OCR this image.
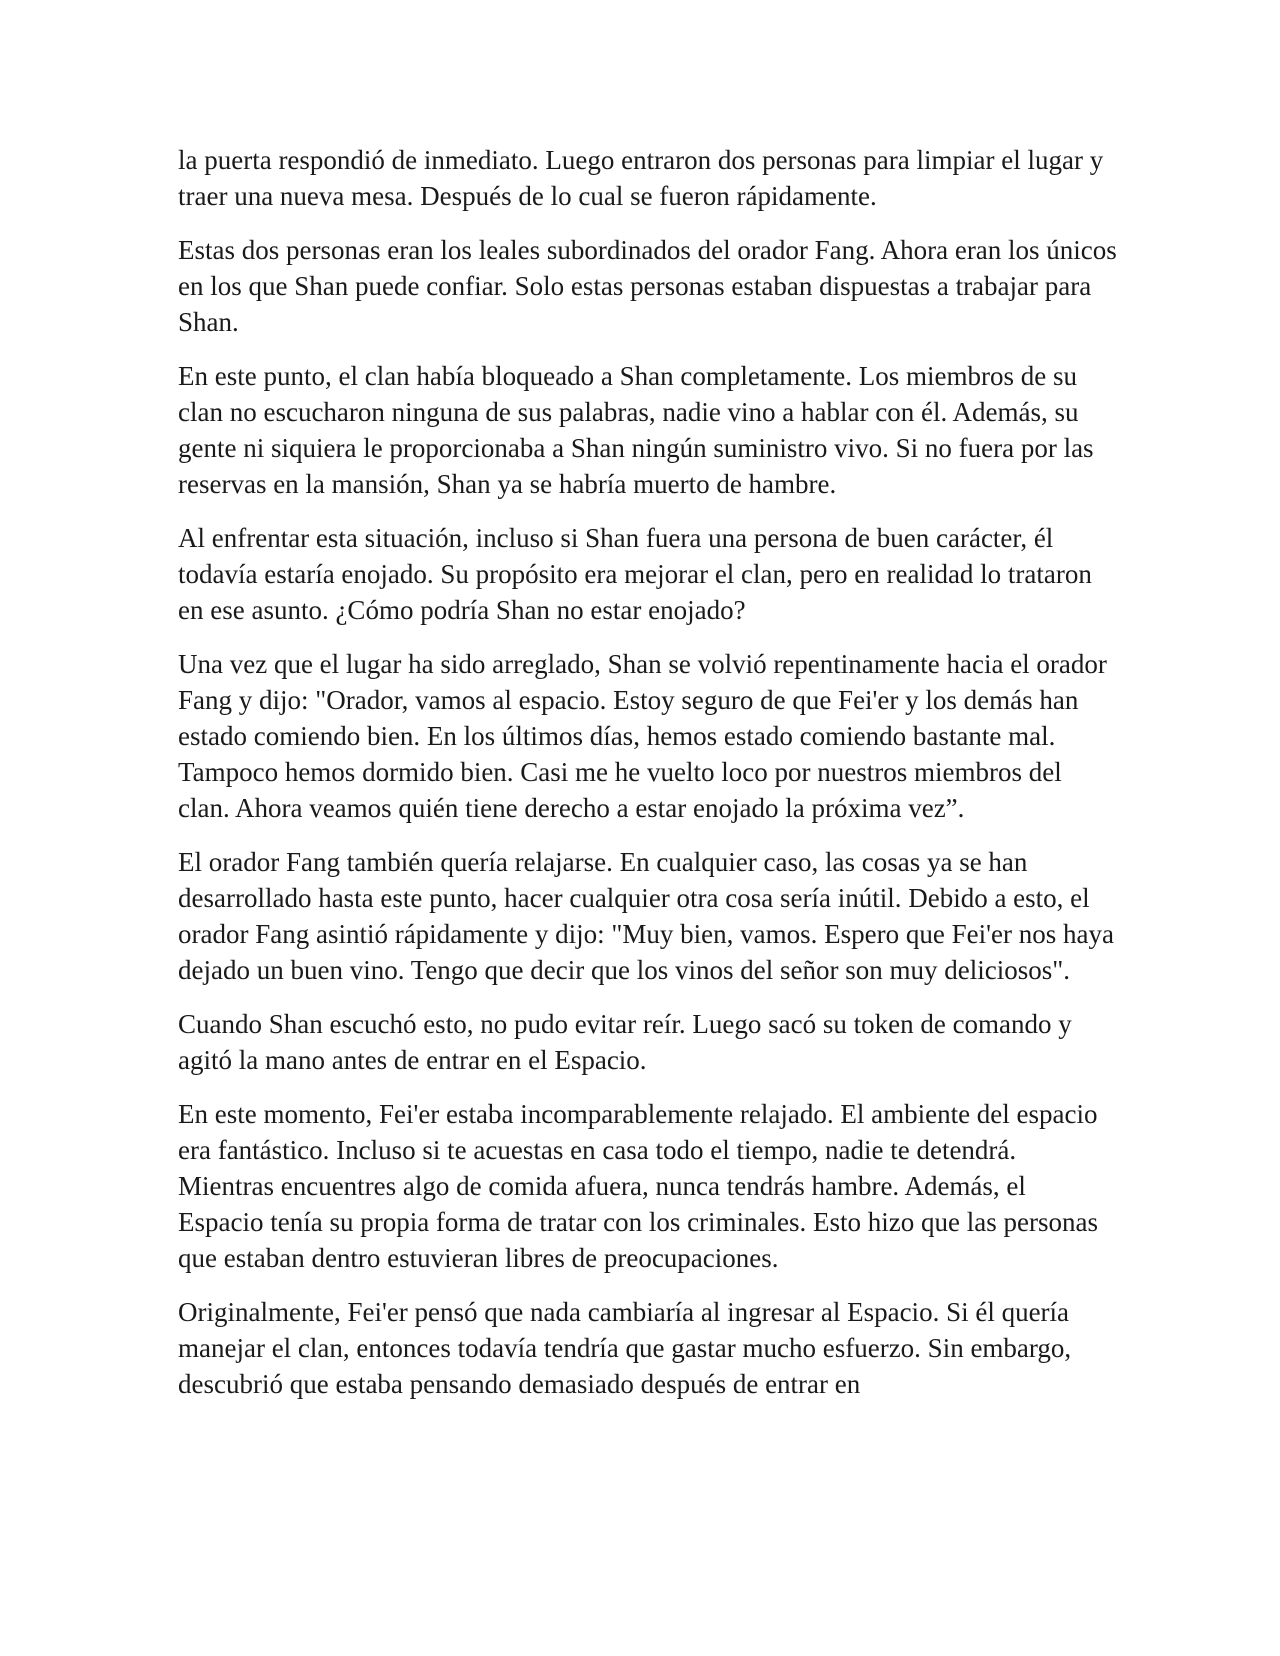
la puerta respondió de inmediato. Luego entraron dos personas para limpiar el lugar y traer una nueva mesa. Después de lo cual se fueron rápidamente.

Estas dos personas eran los leales subordinados del orador Fang. Ahora eran los únicos en los que Shan puede confiar. Solo estas personas estaban dispuestas a trabajar para Shan.

En este punto, el clan había bloqueado a Shan completamente. Los miembros de su clan no escucharon ninguna de sus palabras, nadie vino a hablar con él. Además, su gente ni siquiera le proporcionaba a Shan ningún suministro vivo. Si no fuera por las reservas en la mansión, Shan ya se habría muerto de hambre.

Al enfrentar esta situación, incluso si Shan fuera una persona de buen carácter, él todavía estaría enojado. Su propósito era mejorar el clan, pero en realidad lo trataron en ese asunto. ¿Cómo podría Shan no estar enojado?

Una vez que el lugar ha sido arreglado, Shan se volvió repentinamente hacia el orador Fang y dijo: "Orador, vamos al espacio. Estoy seguro de que Fei'er y los demás han estado comiendo bien. En los últimos días, hemos estado comiendo bastante mal. Tampoco hemos dormido bien. Casi me he vuelto loco por nuestros miembros del clan. Ahora veamos quién tiene derecho a estar enojado la próxima vez”.

El orador Fang también quería relajarse. En cualquier caso, las cosas ya se han desarrollado hasta este punto, hacer cualquier otra cosa sería inútil. Debido a esto, el orador Fang asintió rápidamente y dijo: "Muy bien, vamos. Espero que Fei'er nos haya dejado un buen vino. Tengo que decir que los vinos del señor son muy deliciosos".

Cuando Shan escuchó esto, no pudo evitar reír. Luego sacó su token de comando y agitó la mano antes de entrar en el Espacio.

En este momento, Fei'er estaba incomparablemente relajado. El ambiente del espacio era fantástico. Incluso si te acuestas en casa todo el tiempo, nadie te detendrá. Mientras encuentres algo de comida afuera, nunca tendrás hambre. Además, el Espacio tenía su propia forma de tratar con los criminales. Esto hizo que las personas que estaban dentro estuvieran libres de preocupaciones.

Originalmente, Fei'er pensó que nada cambiaría al ingresar al Espacio. Si él quería manejar el clan, entonces todavía tendría que gastar mucho esfuerzo. Sin embargo, descubrió que estaba pensando demasiado después de entrar en
